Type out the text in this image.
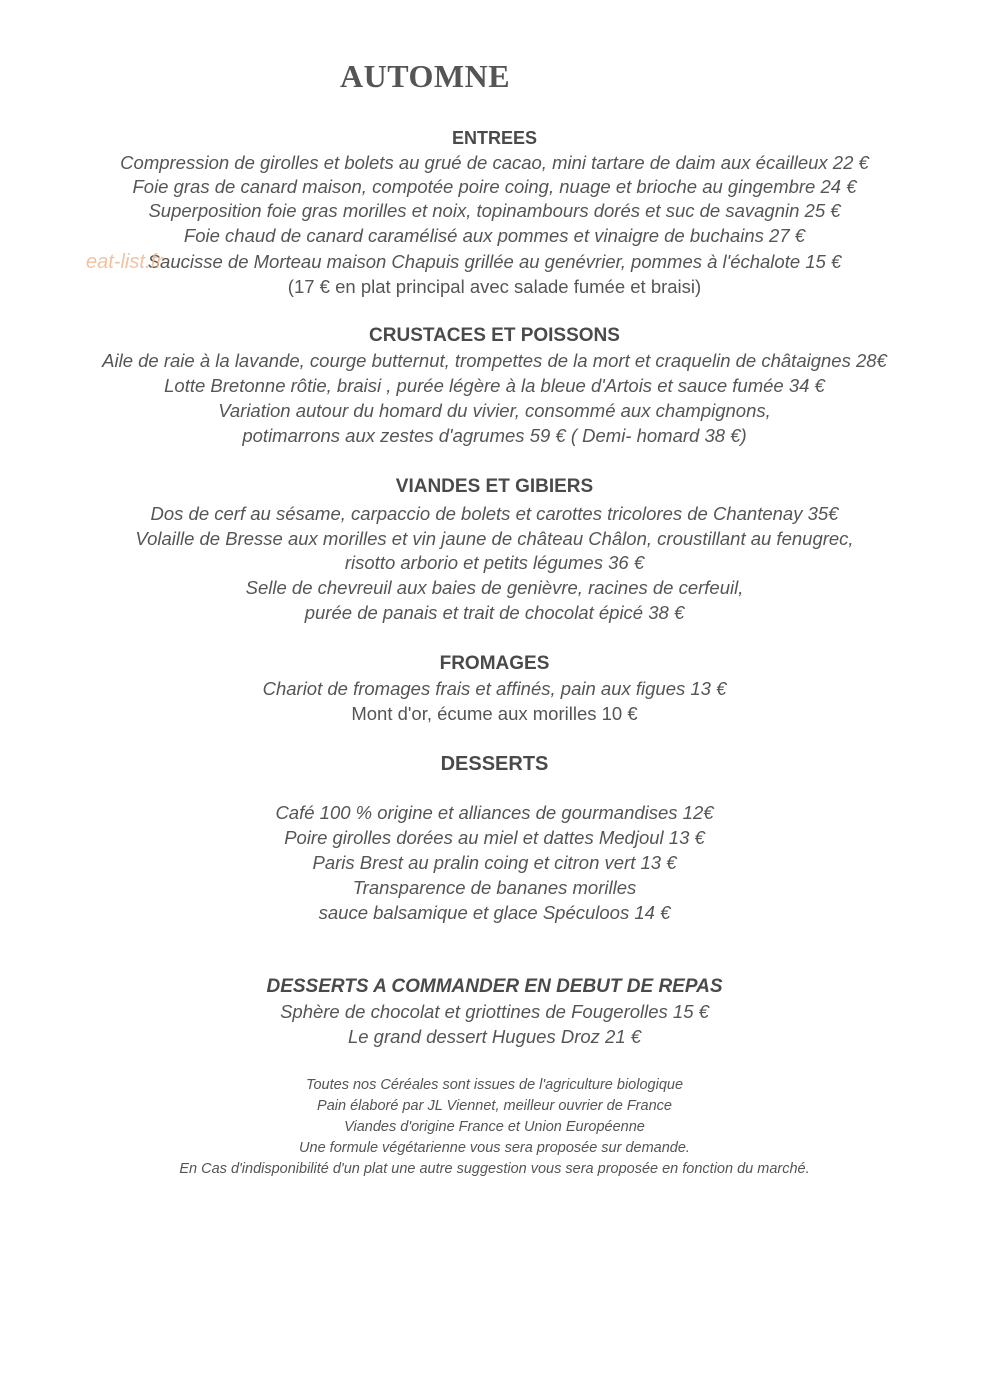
AUTOMNE
ENTREES

Compression de girolles et bolets au grué de cacao, mini tartare de daim aux écailleux 22 €

Foie gras de canard maison, compotée poire coing, nuage et brioche au gingembre 24 €

Superposition foie gras morilles et noix, topinambours dorés et suc de savagnin 25 €

Foie chaud de canard caramélisé aux pommes et vinaigre de buchains 27 €

Saucisse de Morteau maison Chapuis grillée au genévrier, pommes à l'échalote 15 €

(17 € en plat principal avec salade fumée et braisi)

CRUSTACES ET POISSONS

Aile de raie à la lavande, courge butternut, trompettes de la mort et craquelin de châtaignes 28€

Lotte Bretonne rôtie, braisi , purée légère à la bleue d'Artois et sauce fumée 34 €

Variation autour du homard du vivier, consommé aux champignons,

potimarrons aux zestes d'agrumes 59 € ( Demi- homard 38 €)

VIANDES ET GIBIERS

Dos de cerf au sésame, carpaccio de bolets et carottes tricolores de Chantenay 35€

Volaille de Bresse aux morilles et vin jaune de château Châlon, croustillant au fenugrec,

risotto arborio et petits légumes 36 €

Selle de chevreuil aux baies de genièvre, racines de cerfeuil,

purée de panais et trait de chocolat épicé 38 €

FROMAGES

Chariot de fromages frais et affinés, pain aux figues 13 €

Mont d'or, écume aux morilles 10 €

DESSERTS

Café 100 % origine et alliances de gourmandises 12€

Poire girolles dorées au miel et dattes Medjoul 13 €

Paris Brest au pralin coing et citron vert 13 €

Transparence de bananes morilles

sauce balsamique et glace Spéculoos 14 €

DESSERTS A COMMANDER EN DEBUT DE REPAS

Sphère de chocolat et griottines de Fougerolles 15 €

Le grand dessert Hugues Droz 21 €

Toutes nos Céréales sont issues de l'agriculture biologique

Pain élaboré par JL Viennet, meilleur ouvrier de France

Viandes d'origine France et Union Européenne

Une formule végétarienne vous sera proposée sur demande.

En Cas d'indisponibilité d'un plat une autre suggestion vous sera proposée en fonction du marché.

eat-list.fr
